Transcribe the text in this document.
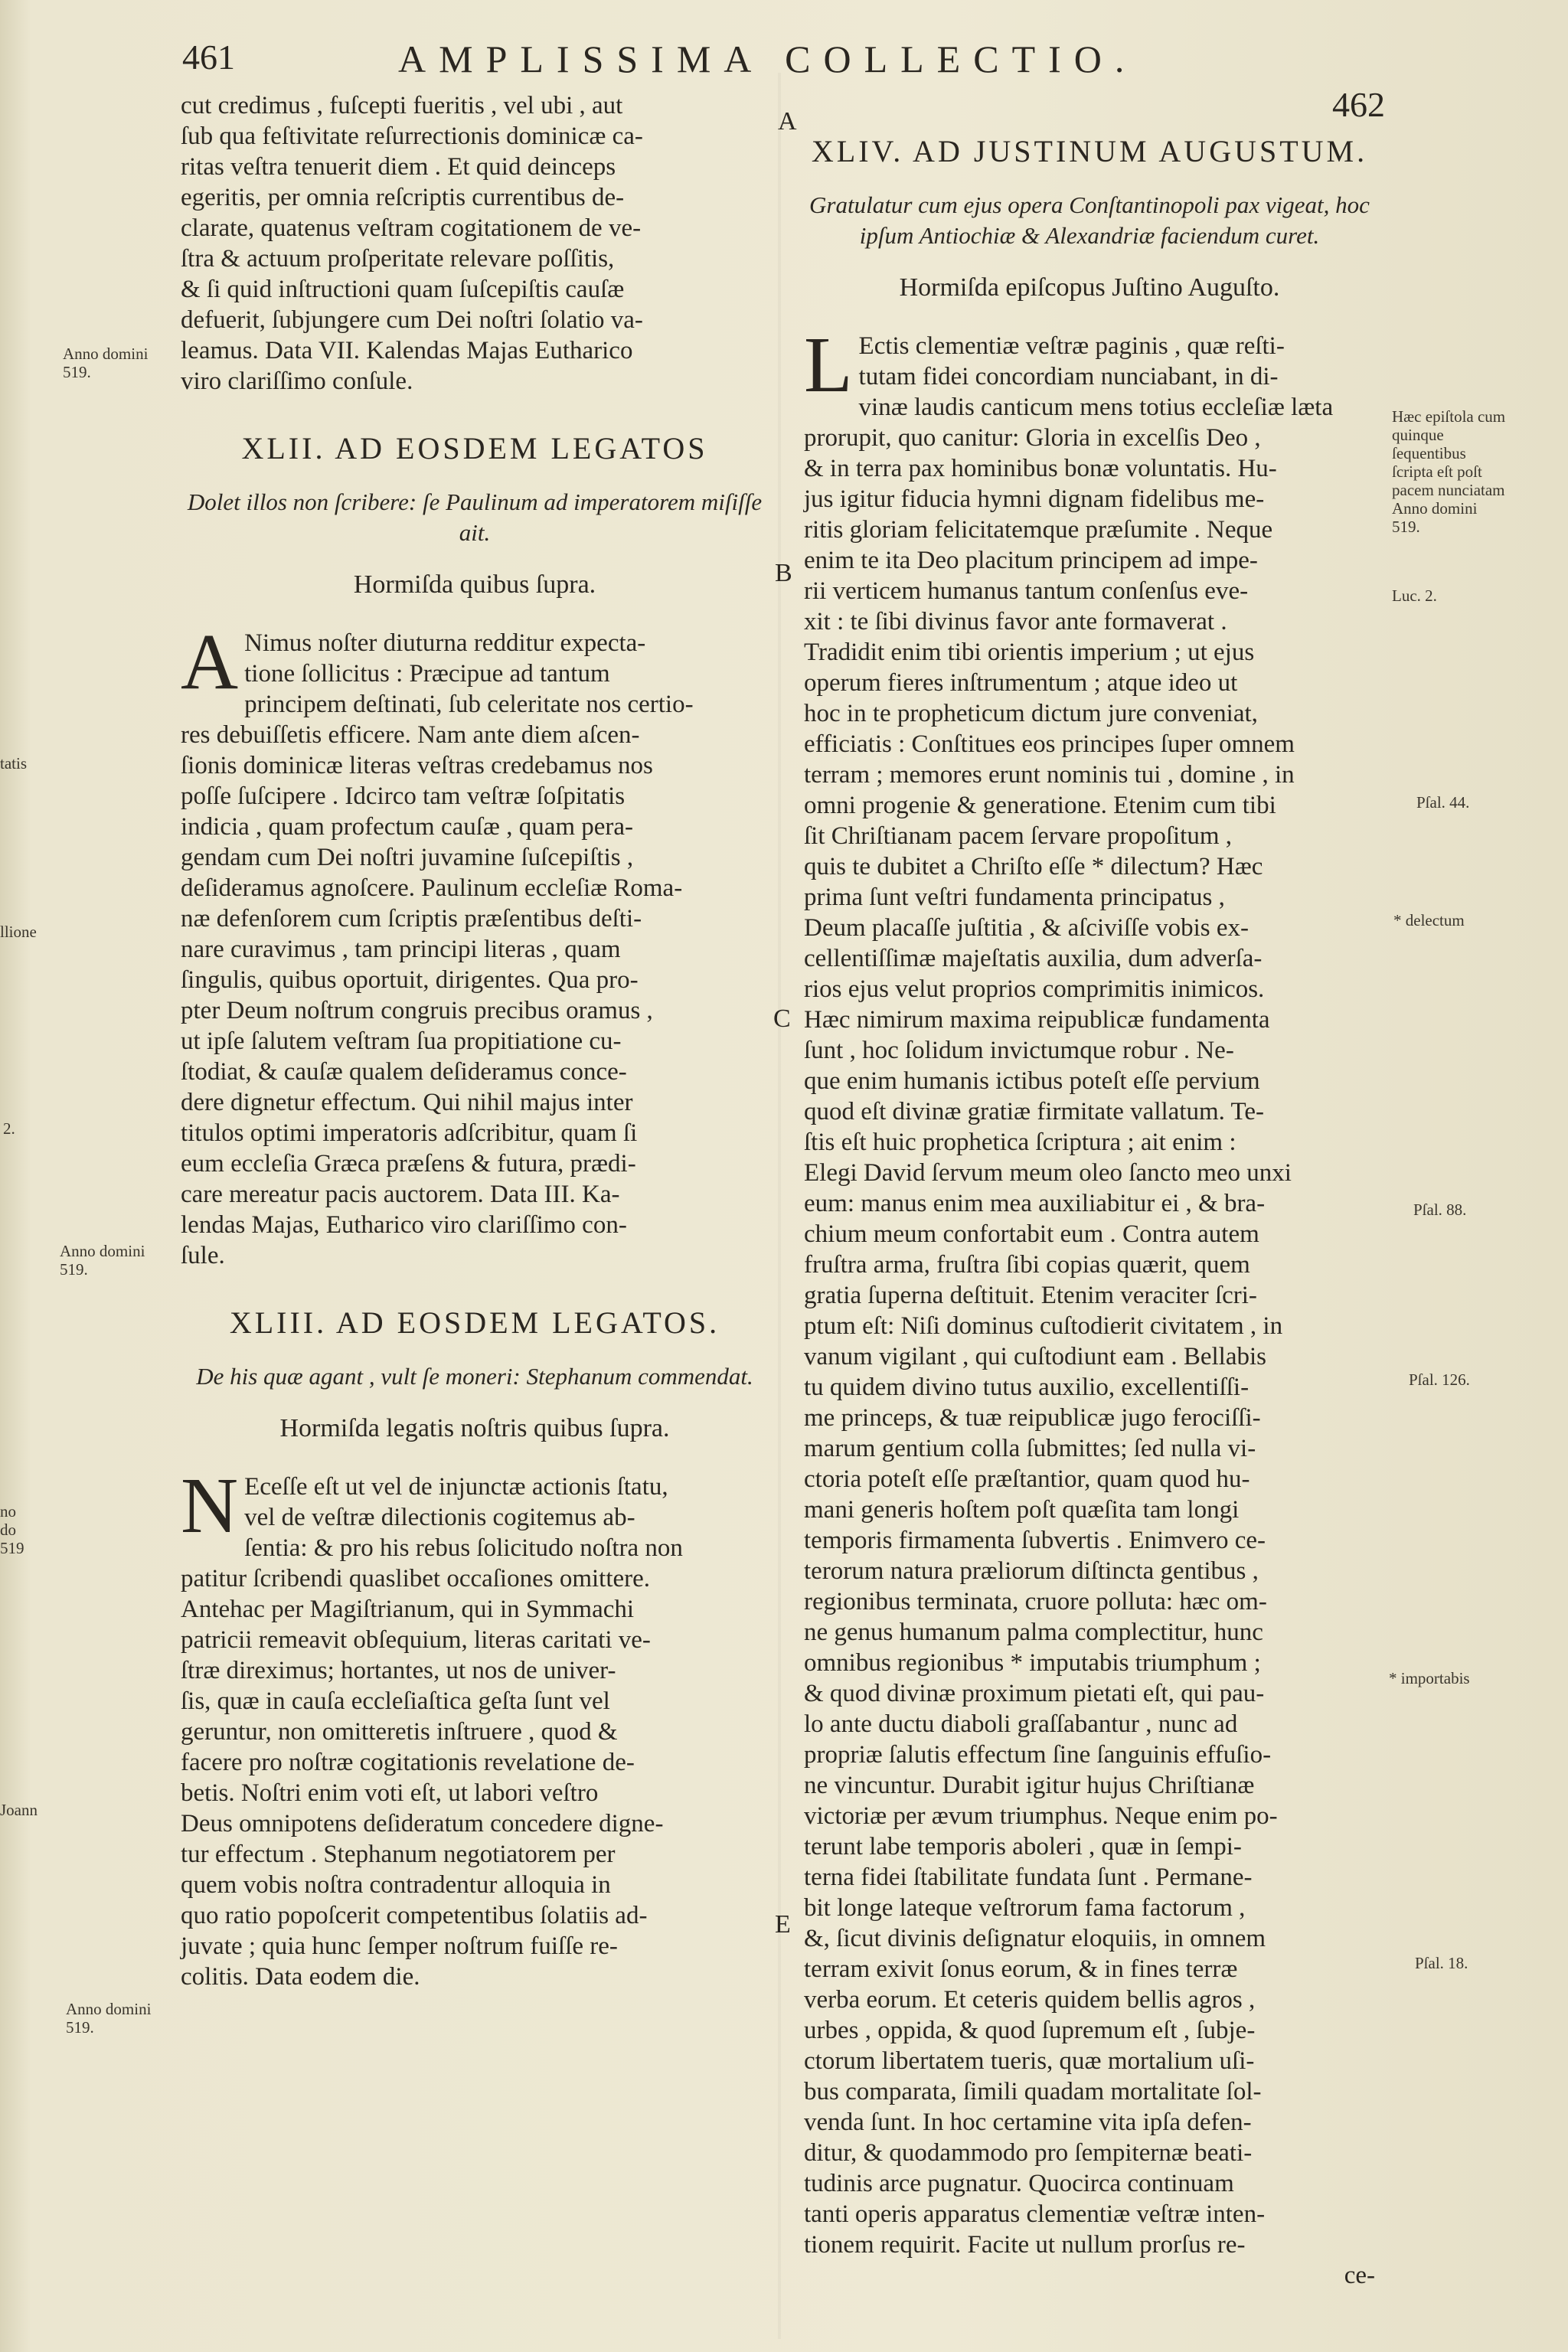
461	AMPLISSIMA COLLECTIO.
462
cut credimus , fuſcepti fueritis , vel ubi , aut
ſub qua feſtivitate reſurrectionis dominicæ ca-
ritas veſtra tenuerit diem . Et quid deinceps
egeritis, per omnia reſcriptis currentibus de-
clarate, quatenus veſtram cogitationem de ve-
ſtra & actuum proſperitate relevare poſſitis,
& ſi quid inſtructioni quam ſuſcepiſtis cauſæ
defuerit, ſubjungere cum Dei noſtri ſolatio va-
leamus. Data VII. Kalendas Majas Eutharico
viro clariſſimo conſule.
XLII. AD EOSDEM LEGATOS
Dolet illos non ſcribere: ſe Paulinum ad imperatorem miſiſſe ait.
Hormiſda quibus ſupra.
A Nimus noſter diuturna redditur expecta-
tione ſollicitus : Præcipue ad tantum
principem deſtinati, ſub celeritate nos certio-
res debuiſſetis efficere. Nam ante diem aſcen-
ſionis dominicæ literas veſtras credebamus nos
poſſe ſuſcipere . Idcirco tam veſtræ ſoſpitatis
indicia , quam profectum cauſæ , quam pera-
gendam cum Dei noſtri juvamine ſuſcepiſtis ,
deſideramus agnoſcere. Paulinum eccleſiæ Roma-
næ defenſorem cum ſcriptis præſentibus deſti-
nare curavimus , tam principi literas , quam
ſingulis, quibus oportuit, dirigentes. Qua pro-
pter Deum noſtrum congruis precibus oramus ,
ut ipſe ſalutem veſtram ſua propitiatione cu-
ſtodiat, & cauſæ qualem deſideramus conce-
dere dignetur effectum. Qui nihil majus inter
titulos optimi imperatoris adſcribitur, quam ſi
eum eccleſia Græca præſens & futura, prædi-
care mereatur pacis auctorem. Data III. Ka-
lendas Majas, Eutharico viro clariſſimo con-
ſule.
XLIII. AD EOSDEM LEGATOS.
De his quæ agant , vult ſe moneri: Stephanum commendat.
Hormiſda legatis noſtris quibus ſupra.
N Eceſſe eſt ut vel de injunctæ actionis ſtatu,
vel de veſtræ dilectionis cogitemus ab-
ſentia: & pro his rebus ſolicitudo noſtra non
patitur ſcribendi quaslibet occaſiones omittere.
Antehac per Magiſtrianum, qui in Symmachi
patricii remeavit obſequium, literas caritati ve-
ſtræ direximus; hortantes, ut nos de univer-
ſis, quæ in cauſa eccleſiaſtica geſta ſunt vel
geruntur, non omitteretis inſtruere , quod &
facere pro noſtræ cogitationis revelatione de-
betis. Noſtri enim voti eſt, ut labori veſtro
Deus omnipotens deſideratum concedere digne-
tur effectum . Stephanum negotiatorem per
quem vobis noſtra contradentur alloquia in
quo ratio popoſcerit competentibus ſolatiis ad-
juvate ; quia hunc ſemper noſtrum fuiſſe re-
colitis. Data eodem die.
XLIV. AD JUSTINUM AUGUSTUM.
Gratulatur cum ejus opera Conſtantinopoli pax vigeat, hoc ipſum Antiochiæ & Alexandriæ faciendum curet.
Hormiſda epiſcopus Juſtino Auguſto.
L Ectis clementiæ veſtræ paginis , quæ reſti-
tutam fidei concordiam nunciabant, in di-
vinæ laudis canticum mens totius eccleſiæ læta
prorupit, quo canitur: Gloria in excelſis Deo ,
& in terra pax hominibus bonæ voluntatis. Hu-
jus igitur fiducia hymni dignam fidelibus me-
ritis gloriam felicitatemque præſumite . Neque
enim te ita Deo placitum principem ad impe-
rii verticem humanus tantum conſenſus eve-
xit : te ſibi divinus favor ante formaverat .
Tradidit enim tibi orientis imperium ; ut ejus
operum fieres inſtrumentum ; atque ideo ut
hoc in te propheticum dictum jure conveniat,
efficiatis : Conſtitues eos principes ſuper omnem
terram ; memores erunt nominis tui , domine , in
omni progenie & generatione. Etenim cum tibi
ſit Chriſtianam pacem ſervare propoſitum ,
quis te dubitet a Chriſto eſſe * dilectum? Hæc
prima ſunt veſtri fundamenta principatus ,
Deum placaſſe juſtitia , & aſciviſſe vobis ex-
cellentiſſimæ majeſtatis auxilia, dum adverſa-
rios ejus velut proprios comprimitis inimicos.
Hæc nimirum maxima reipublicæ fundamenta
ſunt , hoc ſolidum invictumque robur . Ne-
que enim humanis ictibus poteſt eſſe pervium
quod eſt divinæ gratiæ firmitate vallatum. Te-
ſtis eſt huic prophetica ſcriptura ; ait enim :
Elegi David ſervum meum oleo ſancto meo unxi
eum: manus enim mea auxiliabitur ei , & bra-
chium meum confortabit eum . Contra autem
fruſtra arma, fruſtra ſibi copias quærit, quem
gratia ſuperna deſtituit. Etenim veraciter ſcri-
ptum eſt: Niſi dominus cuſtodierit civitatem , in
vanum vigilant , qui cuſtodiunt eam . Bellabis
tu quidem divino tutus auxilio, excellentiſſi-
me princeps, & tuæ reipublicæ jugo ferociſſi-
marum gentium colla ſubmittes; ſed nulla vi-
ctoria poteſt eſſe præſtantior, quam quod hu-
mani generis hoſtem poſt quæſita tam longi
temporis firmamenta ſubvertis . Enimvero ce-
terorum natura præliorum diſtincta gentibus ,
regionibus terminata, cruore polluta: hæc om-
ne genus humanum palma complectitur, hunc
omnibus regionibus * imputabis triumphum ;
& quod divinæ proximum pietati eſt, qui pau-
lo ante ductu diaboli graſſabantur , nunc ad
propriæ ſalutis effectum ſine ſanguinis effuſio-
ne vincuntur. Durabit igitur hujus Chriſtianæ
victoriæ per ævum triumphus. Neque enim po-
terunt labe temporis aboleri , quæ in ſempi-
terna fidei ſtabilitate fundata ſunt . Permane-
bit longe lateque veſtrorum fama factorum ,
&, ſicut divinis deſignatur eloquiis, in omnem
terram exivit ſonus eorum, & in fines terræ
verba eorum. Et ceteris quidem bellis agros ,
urbes , oppida, & quod ſupremum eſt , ſubje-
ctorum libertatem tueris, quæ mortalium uſi-
bus comparata, ſimili quadam mortalitate ſol-
venda ſunt. In hoc certamine vita ipſa defen-
ditur, & quodammodo pro ſempiternæ beati-
tudinis arce pugnatur. Quocirca continuam
tanti operis apparatus clementiæ veſtræ inten-
tionem requirit. Facite ut nullum prorſus re-
ce-
A
B
C
E
Anno domini 519.
Anno domini 519.
Anno domini 519.
tatis
llione
2.
no do 519
Joann
Hæc epiſtola cum quinque ſequentibus ſcripta eſt poſt pacem nunciatam Anno domini 519.
Luc. 2.
Pſal. 44.
* delectum
Pſal. 88.
Pſal. 126.
* importabis
Pſal. 18.
